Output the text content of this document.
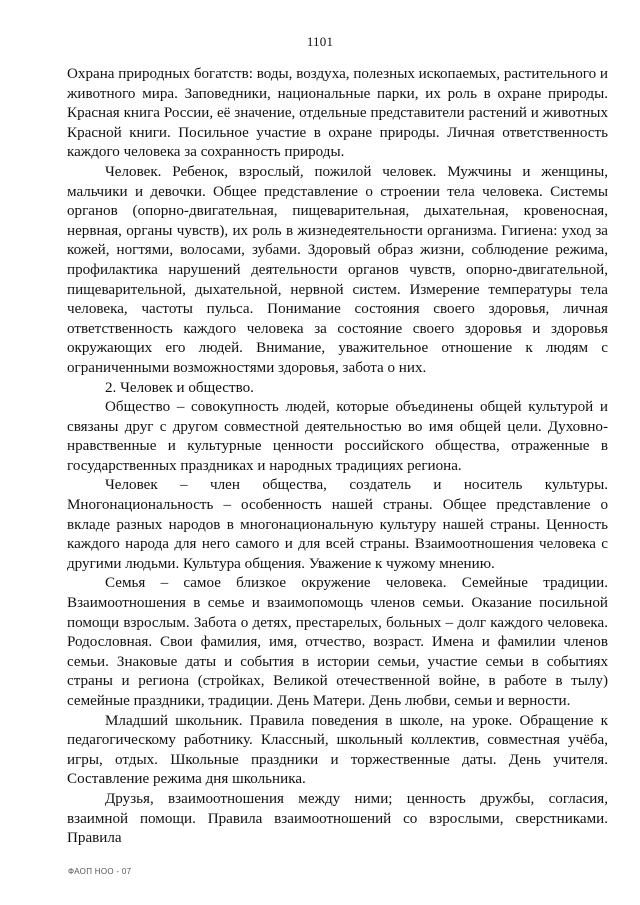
1101

Охрана природных богатств: воды, воздуха, полезных ископаемых, растительного и животного мира. Заповедники, национальные парки, их роль в охране природы. Красная книга России, её значение, отдельные представители растений и животных Красной книги. Посильное участие в охране природы. Личная ответственность каждого человека за сохранность природы.

Человек. Ребенок, взрослый, пожилой человек. Мужчины и женщины, мальчики и девочки. Общее представление о строении тела человека. Системы органов (опорно-двигательная, пищеварительная, дыхательная, кровеносная, нервная, органы чувств), их роль в жизнедеятельности организма. Гигиена: уход за кожей, ногтями, волосами, зубами. Здоровый образ жизни, соблюдение режима, профилактика нарушений деятельности органов чувств, опорно-двигательной, пищеварительной, дыхательной, нервной систем. Измерение температуры тела человека, частоты пульса. Понимание состояния своего здоровья, личная ответственность каждого человека за состояние своего здоровья и здоровья окружающих его людей. Внимание, уважительное отношение к людям с ограниченными возможностями здоровья, забота о них.

2. Человек и общество.

Общество – совокупность людей, которые объединены общей культурой и связаны друг с другом совместной деятельностью во имя общей цели. Духовно-нравственные и культурные ценности российского общества, отраженные в государственных праздниках и народных традициях региона.

Человек – член общества, создатель и носитель культуры. Многонациональность – особенность нашей страны. Общее представление о вкладе разных народов в многонациональную культуру нашей страны. Ценность каждого народа для него самого и для всей страны. Взаимоотношения человека с другими людьми. Культура общения. Уважение к чужому мнению.

Семья – самое близкое окружение человека. Семейные традиции. Взаимоотношения в семье и взаимопомощь членов семьи. Оказание посильной помощи взрослым. Забота о детях, престарелых, больных – долг каждого человека. Родословная. Свои фамилия, имя, отчество, возраст. Имена и фамилии членов семьи. Знаковые даты и события в истории семьи, участие семьи в событиях страны и региона (стройках, Великой отечественной войне, в работе в тылу) семейные праздники, традиции. День Матери. День любви, семьи и верности.

Младший школьник. Правила поведения в школе, на уроке. Обращение к педагогическому работнику. Классный, школьный коллектив, совместная учёба, игры, отдых. Школьные праздники и торжественные даты. День учителя. Составление режима дня школьника.

Друзья, взаимоотношения между ними; ценность дружбы, согласия, взаимной помощи. Правила взаимоотношений со взрослыми, сверстниками. Правила

ФАОП НОО - 07
